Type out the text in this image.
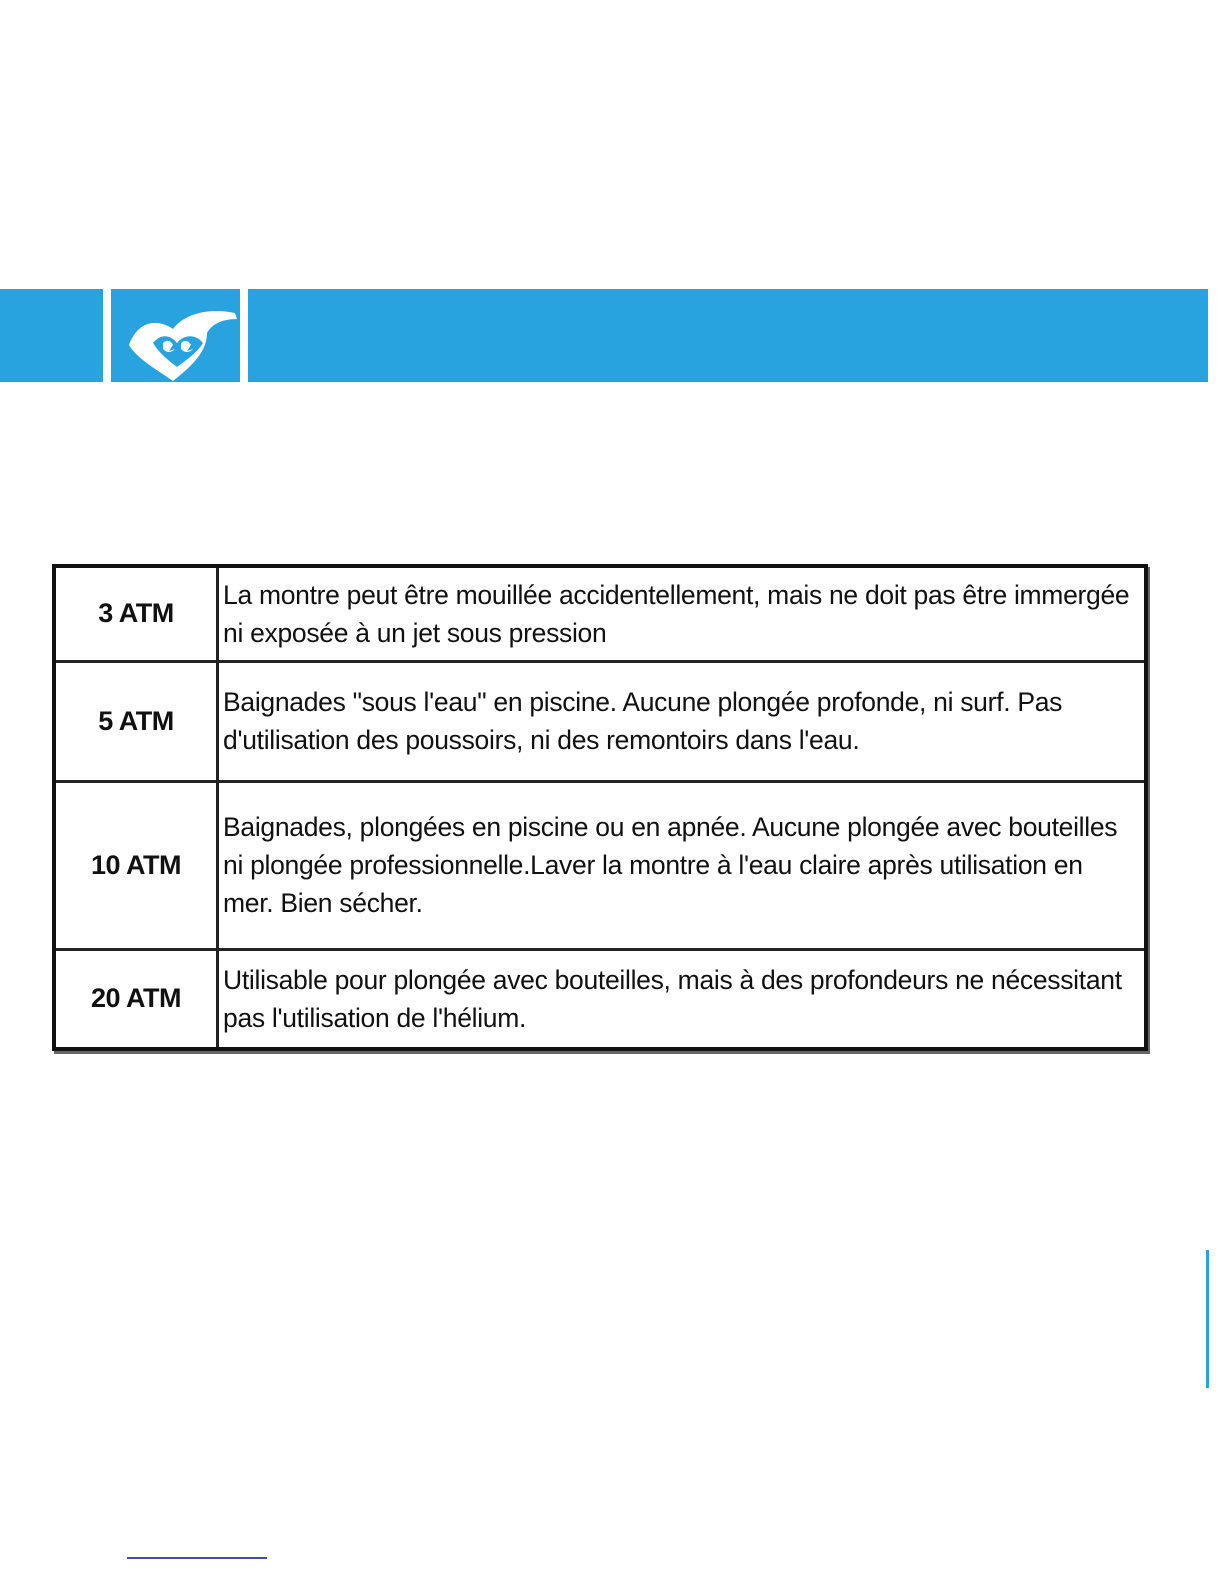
3 ATM	La montre peut être mouillée accidentellement, mais ne doit pas être immergée ni exposée à un jet sous pression
5 ATM	Baignades "sous l'eau" en piscine. Aucune plongée profonde, ni surf. Pas d'utilisation des poussoirs, ni des remontoirs dans l'eau.
10 ATM	Baignades, plongées en piscine ou en apnée. Aucune plongée avec bouteilles ni plongée professionnelle.Laver la montre à l'eau claire après utilisation en mer. Bien sécher.
20 ATM	Utilisable pour plongée avec bouteilles, mais à des profondeurs ne nécessitant pas l'utilisation de l'hélium.
